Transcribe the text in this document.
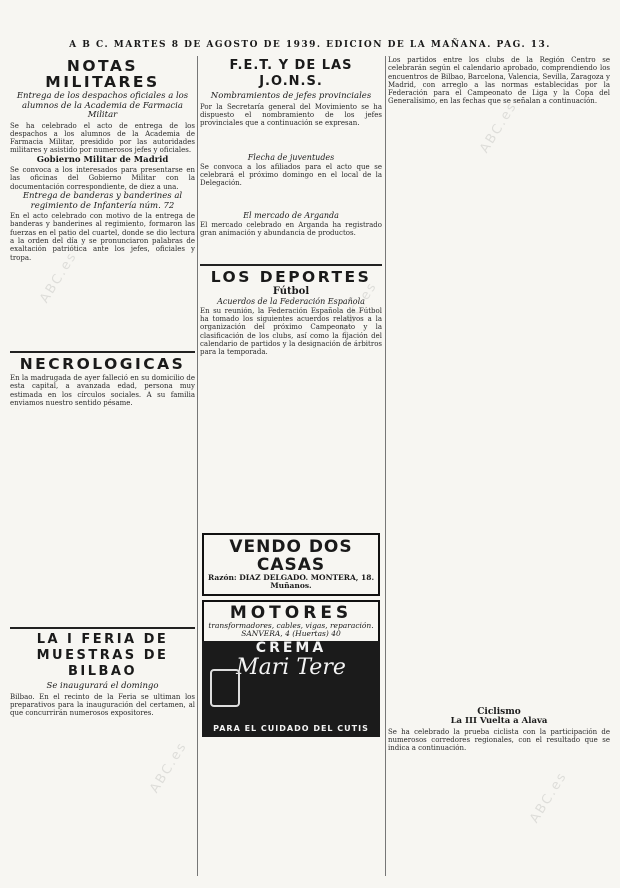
A B C. MARTES 8 DE AGOSTO DE 1939. EDICION DE LA MAÑANA. PAG. 13.
NOTAS MILITARES
Entrega de los despachos oficiales a los alumnos de la Academia de Farmacia Militar
Se ha celebrado el acto de entrega de los despachos a los alumnos de la Academia de Farmacia Militar, presidido por las autoridades militares y asistido por numerosos jefes y oficiales.
Gobierno Militar de Madrid
Se convoca a los interesados para presentarse en las oficinas del Gobierno Militar con la documentación correspondiente, de diez a una.
Entrega de banderas y banderines al regimiento de Infantería núm. 72
En el acto celebrado con motivo de la entrega de banderas y banderines al regimiento, formaron las fuerzas en el patio del cuartel, donde se dio lectura a la orden del día y se pronunciaron palabras de exaltación patriótica ante los jefes, oficiales y tropa.
NECROLOGICAS
En la madrugada de ayer falleció en su domicilio de esta capital, a avanzada edad, persona muy estimada en los círculos sociales. A su familia enviamos nuestro sentido pésame.
LA I FERIA DE MUESTRAS DE BILBAO
Se inaugurará el domingo
Bilbao. En el recinto de la Feria se ultiman los preparativos para la inauguración del certamen, al que concurrirán numerosos expositores.
F.E.T. Y DE LAS J.O.N.S.
Nombramientos de jefes provinciales
Por la Secretaría general del Movimiento se ha dispuesto el nombramiento de los jefes provinciales que a continuación se expresan.
Flecha de juventudes
Se convoca a los afiliados para el acto que se celebrará el próximo domingo en el local de la Delegación.
El mercado de Arganda
El mercado celebrado en Arganda ha registrado gran animación y abundancia de productos.
LOS DEPORTES
Fútbol
Acuerdos de la Federación Española
En su reunión, la Federación Española de Fútbol ha tomado los siguientes acuerdos relativos a la organización del próximo Campeonato y la clasificación de los clubs, así como la fijación del calendario de partidos y la designación de árbitros para la temporada.
VENDO DOS CASAS
Razón: DIAZ DELGADO. MONTERA, 18. Muñanos.
MOTORES
transformadores, cables, vigas, reparación. SANVERA, 4 (Huertas) 40
CREMA
Mari Tere
PARA EL CUIDADO DEL CUTIS
Los partidos entre los clubs de la Región Centro se celebrarán según el calendario aprobado, comprendiendo los encuentros de Bilbao, Barcelona, Valencia, Sevilla, Zaragoza y Madrid, con arreglo a las normas establecidas por la Federación para el Campeonato de Liga y la Copa del Generalísimo, en las fechas que se señalan a continuación.
Ciclismo
La III Vuelta a Alava
Se ha celebrado la prueba ciclista con la participación de numerosos corredores regionales, con el resultado que se indica a continuación.
ABC.es
ABC.es
ABC.es
ABC.es
ABC.es
